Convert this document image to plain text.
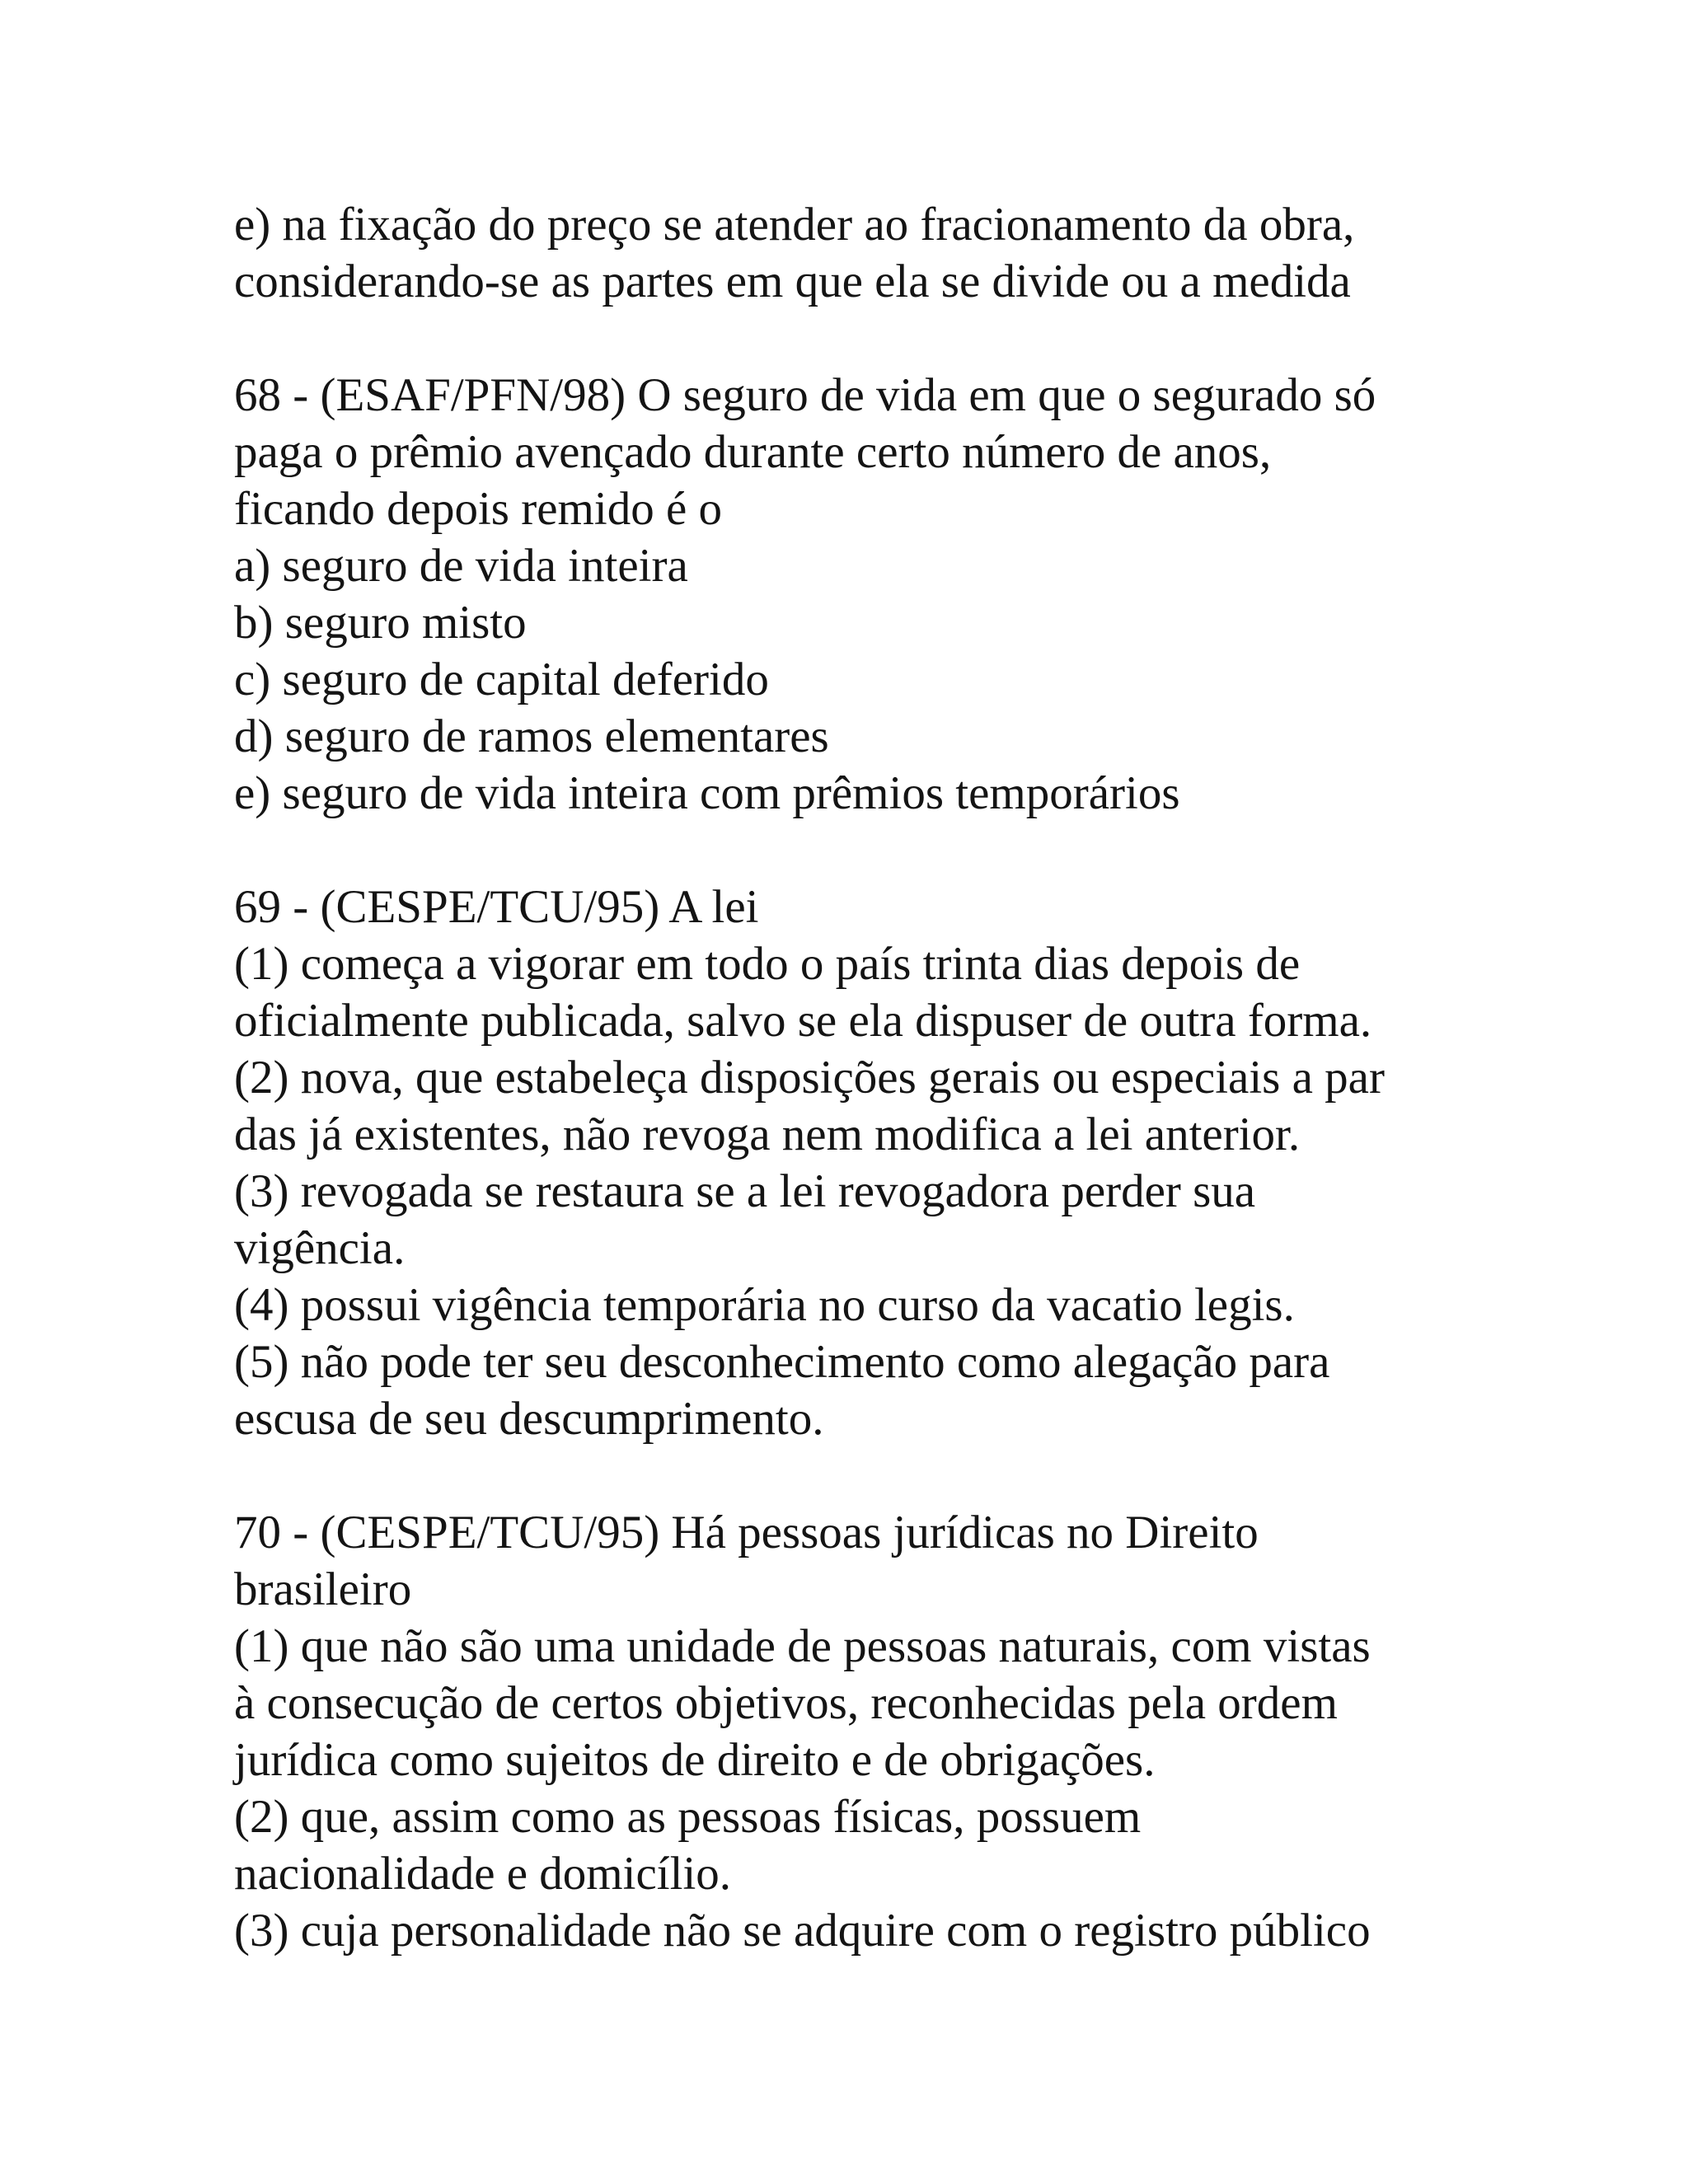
e) na fixação do preço se atender ao fracionamento da obra,
considerando-se as partes em que ela se divide ou a medida
68 - (ESAF/PFN/98) O seguro de vida em que o segurado só
paga o prêmio avençado durante certo número de anos,
ficando depois remido é o
a) seguro de vida inteira
b) seguro misto
c) seguro de capital deferido
d) seguro de ramos elementares
e) seguro de vida inteira com prêmios temporários
69 - (CESPE/TCU/95) A lei
(1) começa a vigorar em todo o país trinta dias depois de
oficialmente publicada, salvo se ela dispuser de outra forma.
(2) nova, que estabeleça disposições gerais ou especiais a par
das já existentes, não revoga nem modifica a lei anterior.
(3) revogada se restaura se a lei revogadora perder sua
vigência.
(4) possui vigência temporária no curso da vacatio legis.
(5) não pode ter seu desconhecimento como alegação para
escusa de seu descumprimento.
70 - (CESPE/TCU/95) Há pessoas jurídicas no Direito
brasileiro
(1) que não são uma unidade de pessoas naturais, com vistas
à consecução de certos objetivos, reconhecidas pela ordem
jurídica como sujeitos de direito e de obrigações.
(2) que, assim como as pessoas físicas, possuem
nacionalidade e domicílio.
(3) cuja personalidade não se adquire com o registro público
